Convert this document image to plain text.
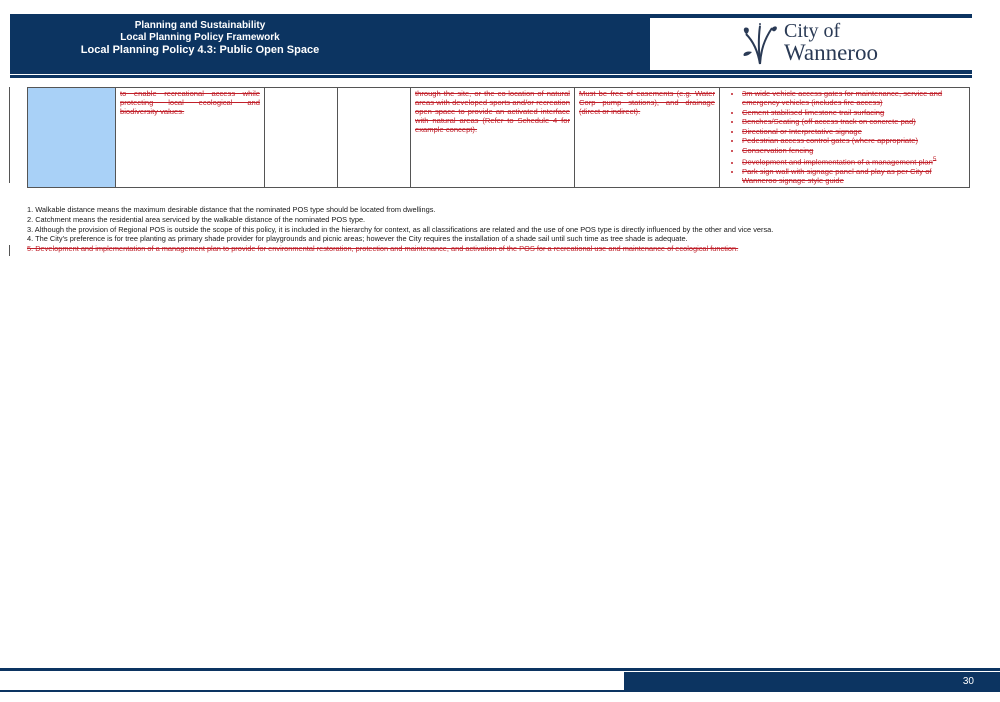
Planning and Sustainability
Local Planning Policy Framework
Local Planning Policy 4.3: Public Open Space
City of
Wanneroo
	to enable recreational access while protecting local ecological and biodiversity values.			through the site, or the co-location of natural areas with developed sports and/or recreation open space to provide an activated interface with natural areas (Refer to Schedule 4 for example concept).	Must be free of easements (e.g. Water Corp pump stations), and drainage (direct or indirect).	
• 3m wide vehicle access gates for maintenance, service and emergency vehicles (includes fire access)
• Cement stabilised limestone trail surfacing
• Benches/Seating (off access track on concrete pad)
• Directional or Interpretative signage
• Pedestrian access control gates (where appropriate)
• Conservation fencing
• Development and implementation of a management plan$^5$
• Park sign wall with signage panel and play as per City of Wanneroo signage style guide
1. Walkable distance means the maximum desirable distance that the nominated POS type should be located from dwellings.
2. Catchment means the residential area serviced by the walkable distance of the nominated POS type.
3. Although the provision of Regional POS is outside the scope of this policy, it is included in the hierarchy for context, as all classifications are related and the use of one POS type is directly influenced by the other and vice versa.
4. The City's preference is for tree planting as primary shade provider for playgrounds and picnic areas; however the City requires the installation of a shade sail until such time as tree shade is adequate.
5. Development and implementation of a management plan to provide for environmental restoration, protection and maintenance, and activation of the POS for a recreational use and maintenance of ecological function.
30
